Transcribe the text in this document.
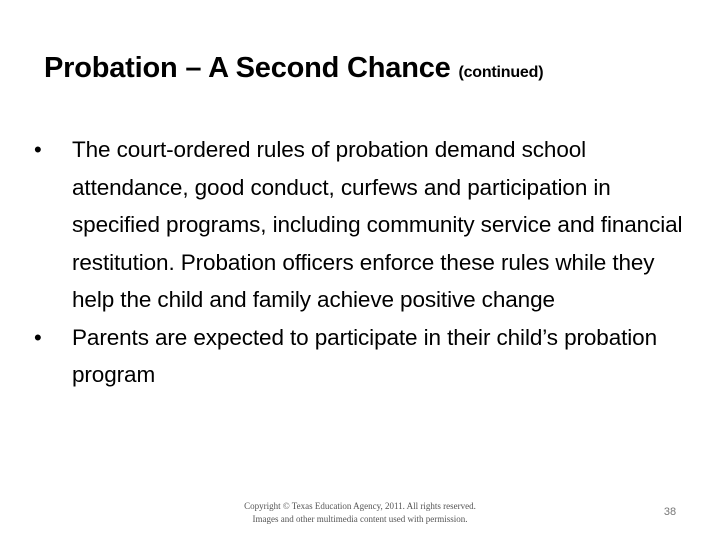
Probation – A Second Chance (continued)
• The court-ordered rules of probation demand school attendance, good conduct, curfews and participation in specified programs, including community service and financial restitution. Probation officers enforce these rules while they help the child and family achieve positive change
• Parents are expected to participate in their child’s probation program
Copyright © Texas Education Agency, 2011. All rights reserved.
Images and other multimedia content used with permission.
38
